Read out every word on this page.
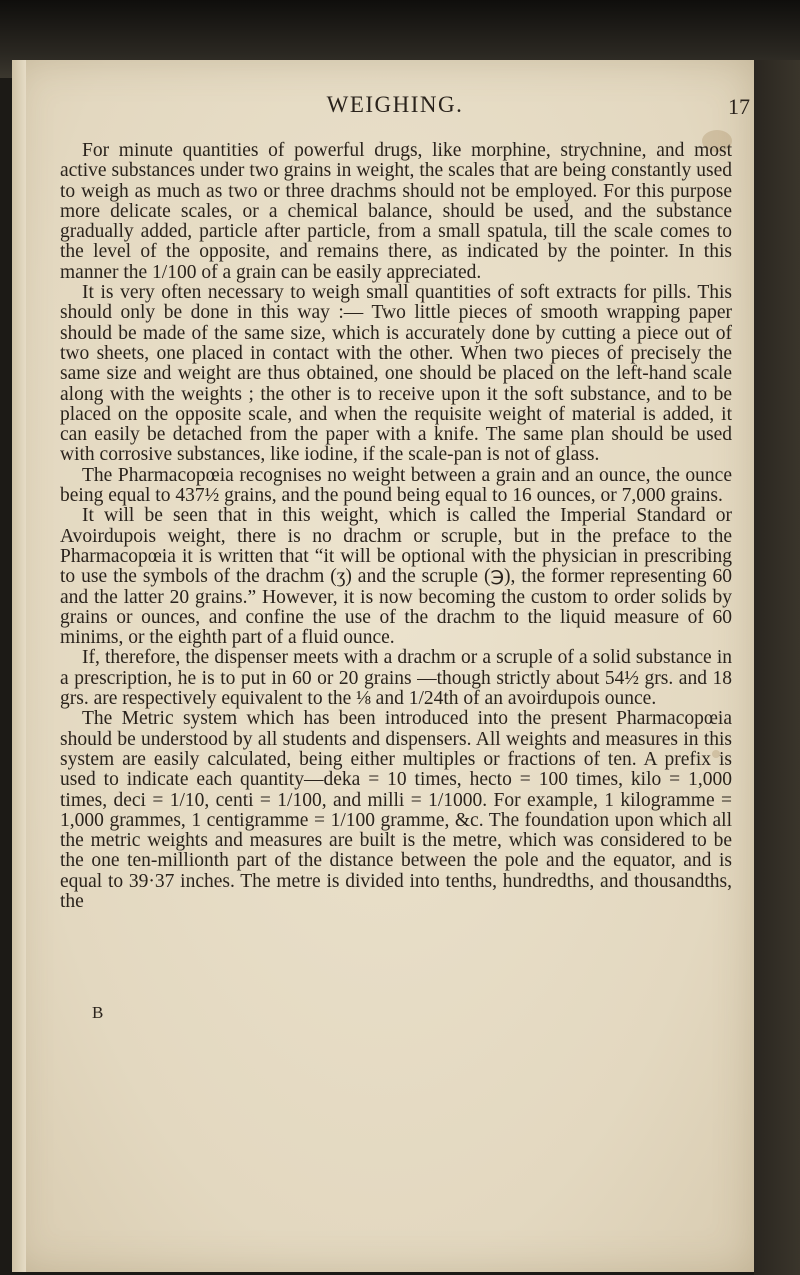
WEIGHING.	17

For minute quantities of powerful drugs, like morphine, strychnine, and most active substances under two grains in weight, the scales that are being constantly used to weigh as much as two or three drachms should not be employed. For this purpose more delicate scales, or a chemical balance, should be used, and the substance gradually added, particle after particle, from a small spatula, till the scale comes to the level of the opposite, and remains there, as indicated by the pointer. In this manner the 1/100 of a grain can be easily appreciated.

It is very often necessary to weigh small quantities of soft extracts for pills. This should only be done in this way :— Two little pieces of smooth wrapping paper should be made of the same size, which is accurately done by cutting a piece out of two sheets, one placed in contact with the other. When two pieces of precisely the same size and weight are thus obtained, one should be placed on the left-hand scale along with the weights ; the other is to receive upon it the soft substance, and to be placed on the opposite scale, and when the requisite weight of material is added, it can easily be detached from the paper with a knife. The same plan should be used with corrosive substances, like iodine, if the scale-pan is not of glass.

The Pharmacopœia recognises no weight between a grain and an ounce, the ounce being equal to 437½ grains, and the pound being equal to 16 ounces, or 7,000 grains.

It will be seen that in this weight, which is called the Imperial Standard or Avoirdupois weight, there is no drachm or scruple, but in the preface to the Pharmacopœia it is written that “it will be optional with the physician in prescribing to use the symbols of the drachm (ʒ) and the scruple (℈), the former representing 60 and the latter 20 grains.” However, it is now becoming the custom to order solids by grains or ounces, and confine the use of the drachm to the liquid measure of 60 minims, or the eighth part of a fluid ounce.

If, therefore, the dispenser meets with a drachm or a scruple of a solid substance in a prescription, he is to put in 60 or 20 grains —though strictly about 54½ grs. and 18 grs. are respectively equivalent to the ⅛ and 1/24th of an avoirdupois ounce.

The Metric system which has been introduced into the present Pharmacopœia should be understood by all students and dispensers. All weights and measures in this system are easily calculated, being either multiples or fractions of ten. A prefix is used to indicate each quantity—deka = 10 times, hecto = 100 times, kilo = 1,000 times, deci = 1/10, centi = 1/100, and milli = 1/1000. For example, 1 kilogramme = 1,000 grammes, 1 centigramme = 1/100 gramme, &c. The foundation upon which all the metric weights and measures are built is the metre, which was considered to be the one ten-millionth part of the distance between the pole and the equator, and is equal to 39·37 inches. The metre is divided into tenths, hundredths, and thousandths, the

B
